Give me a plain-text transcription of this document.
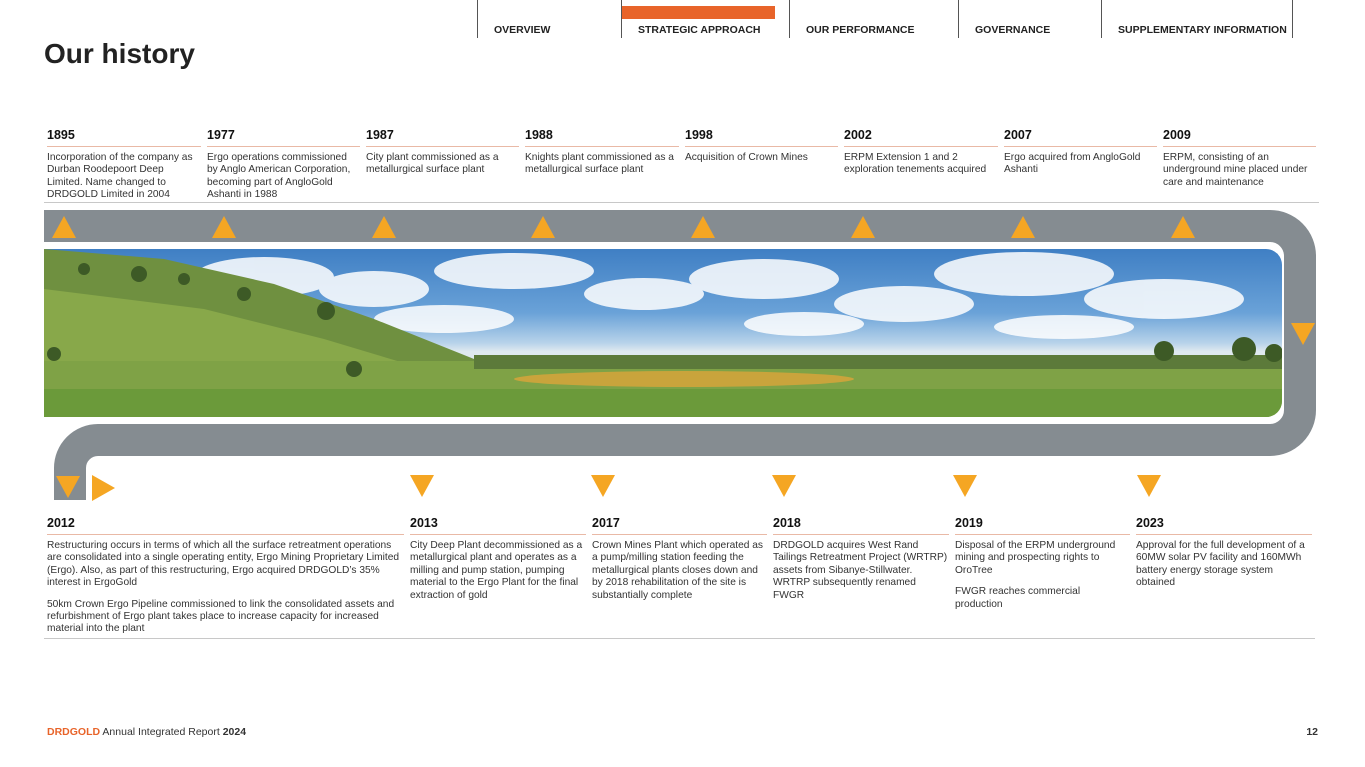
OVERVIEW	STRATEGIC APPROACH	OUR PERFORMANCE	GOVERNANCE	SUPPLEMENTARY INFORMATION
Our history
1895

Incorporation of the company as Durban Roodepoort Deep Limited. Name changed to DRDGOLD Limited in 2004

1977

Ergo operations commissioned by Anglo American Corporation, becoming part of AngloGold Ashanti in 1988

1987

City plant commissioned as a metallurgical surface plant

1988

Knights plant commissioned as a metallurgical surface plant

1998

Acquisition of Crown Mines

2002

ERPM Extension 1 and 2 exploration tenements acquired

2007

Ergo acquired from AngloGold Ashanti

2009

ERPM, consisting of an underground mine placed under care and maintenance

2012

Restructuring occurs in terms of which all the surface retreatment operations are consolidated into a single operating entity, Ergo Mining Proprietary Limited (Ergo). Also, as part of this restructuring, Ergo acquired DRDGOLD’s 35% interest in ErgoGold

50km Crown Ergo Pipeline commissioned to link the consolidated assets and refurbishment of Ergo plant takes place to increase capacity for increased material into the plant

2013

City Deep Plant decommissioned as a metallurgical plant and operates as a milling and pump station, pumping material to the Ergo Plant for the final extraction of gold

2017

Crown Mines Plant which operated as a pump/milling station feeding the metallurgical plants closes down and by 2018 rehabilitation of the site is substantially complete

2018

DRDGOLD acquires West Rand Tailings Retreatment Project (WRTRP) assets from Sibanye-Stillwater. WRTRP subsequently renamed FWGR

2019

Disposal of the ERPM underground mining and prospecting rights to OroTree

FWGR reaches commercial production

2023

Approval for the full development of a 60MW solar PV facility and 160MWh battery energy storage system obtained

DRDGOLD Annual Integrated Report 2024	12
